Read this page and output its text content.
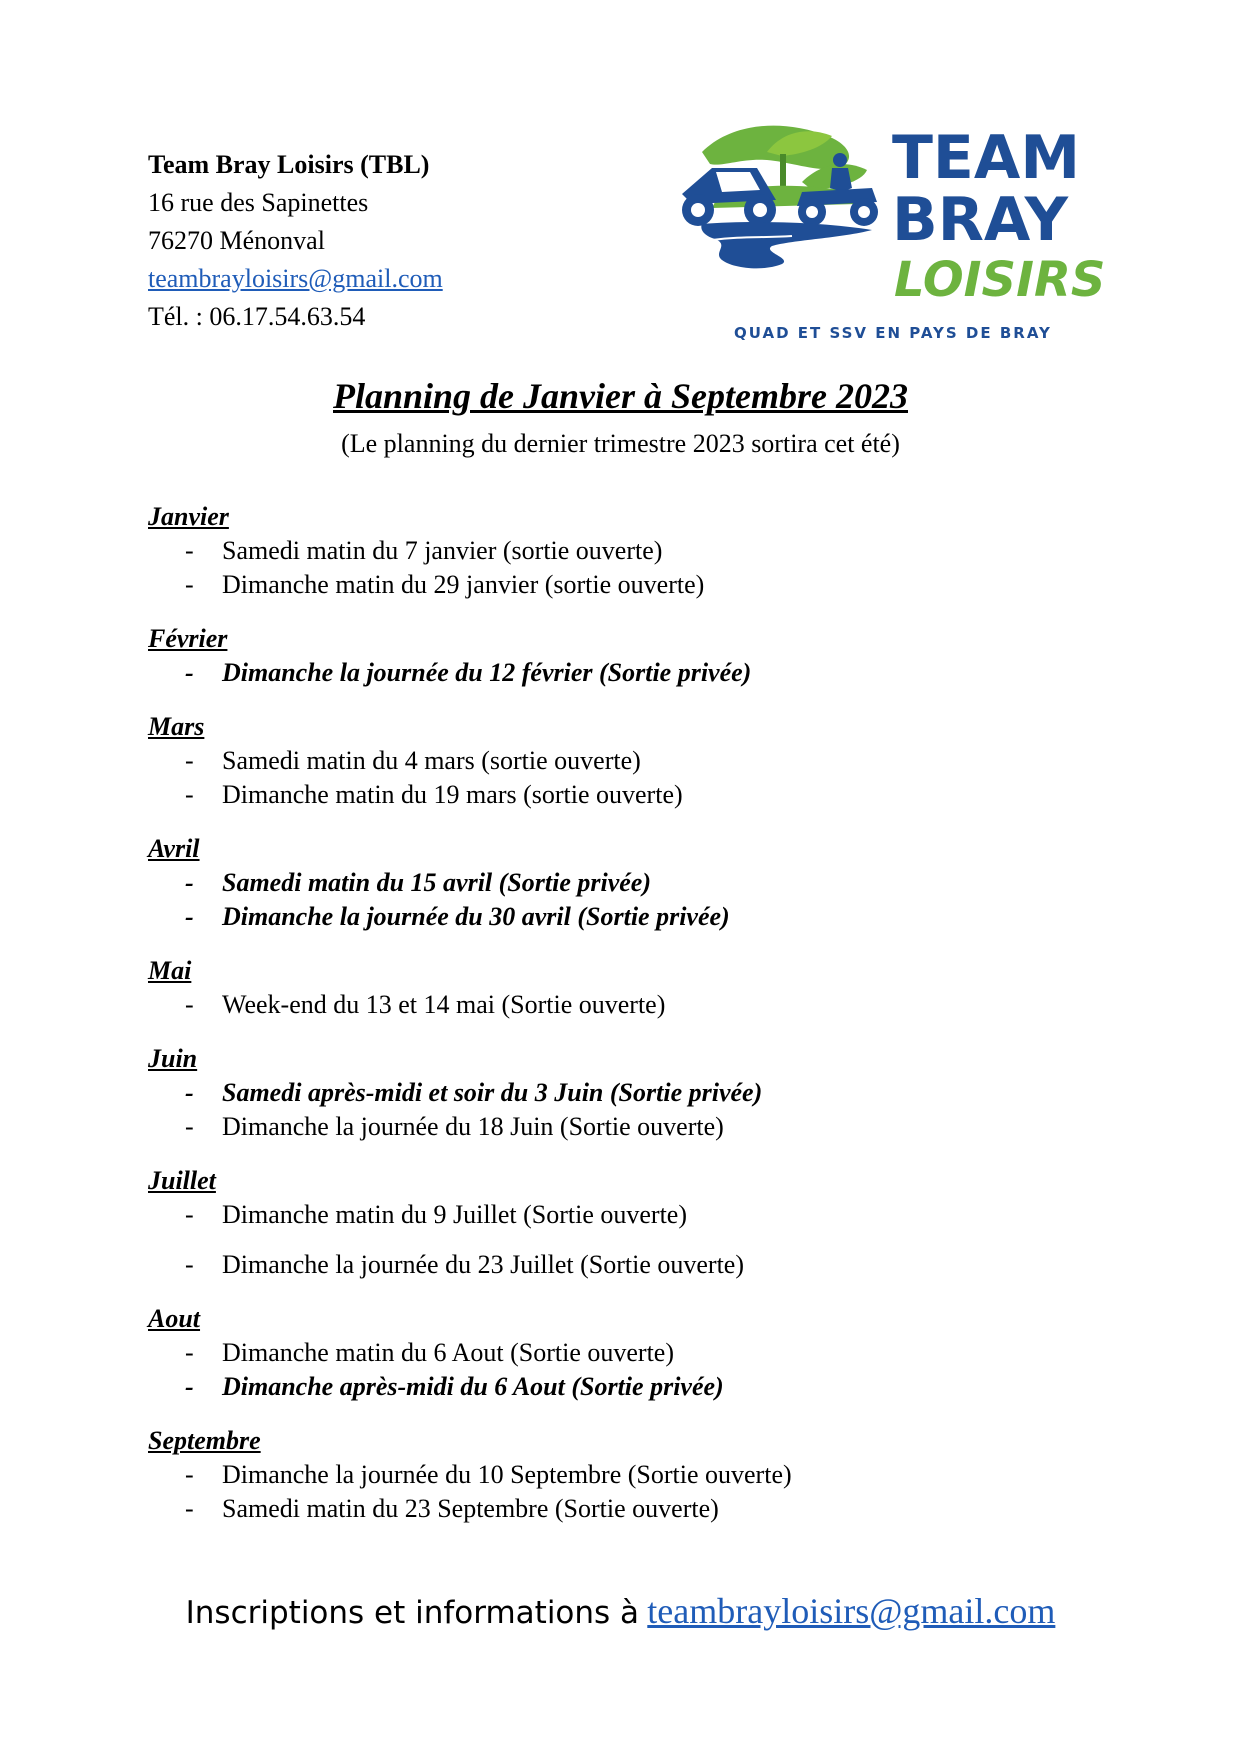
Team Bray Loisirs (TBL)
16 rue des Sapinettes
76270 Ménonval
teambrayloisirs@gmail.com
Tél. : 06.17.54.63.54
TEAM
BRAY
LOISIRS
QUAD ET SSV EN PAYS DE BRAY
Planning de Janvier à Septembre 2023
(Le planning du dernier trimestre 2023 sortira cet été)
Janvier
- Samedi matin du 7 janvier (sortie ouverte)
- Dimanche matin du 29 janvier (sortie ouverte)
Février
- Dimanche la journée du 12 février (Sortie privée)
Mars
- Samedi matin du 4 mars (sortie ouverte)
- Dimanche matin du 19 mars (sortie ouverte)
Avril
- Samedi matin du 15 avril (Sortie privée)
- Dimanche la journée du 30 avril (Sortie privée)
Mai
- Week-end du 13 et 14 mai (Sortie ouverte)
Juin
- Samedi après-midi et soir du 3 Juin (Sortie privée)
- Dimanche la journée du 18 Juin (Sortie ouverte)
Juillet
- Dimanche matin du 9 Juillet (Sortie ouverte)
- Dimanche la journée du 23 Juillet (Sortie ouverte)
Aout
- Dimanche matin du 6 Aout (Sortie ouverte)
- Dimanche après-midi du 6 Aout (Sortie privée)
Septembre
- Dimanche la journée du 10 Septembre (Sortie ouverte)
- Samedi matin du 23 Septembre (Sortie ouverte)
Inscriptions et informations à teambrayloisirs@gmail.com
